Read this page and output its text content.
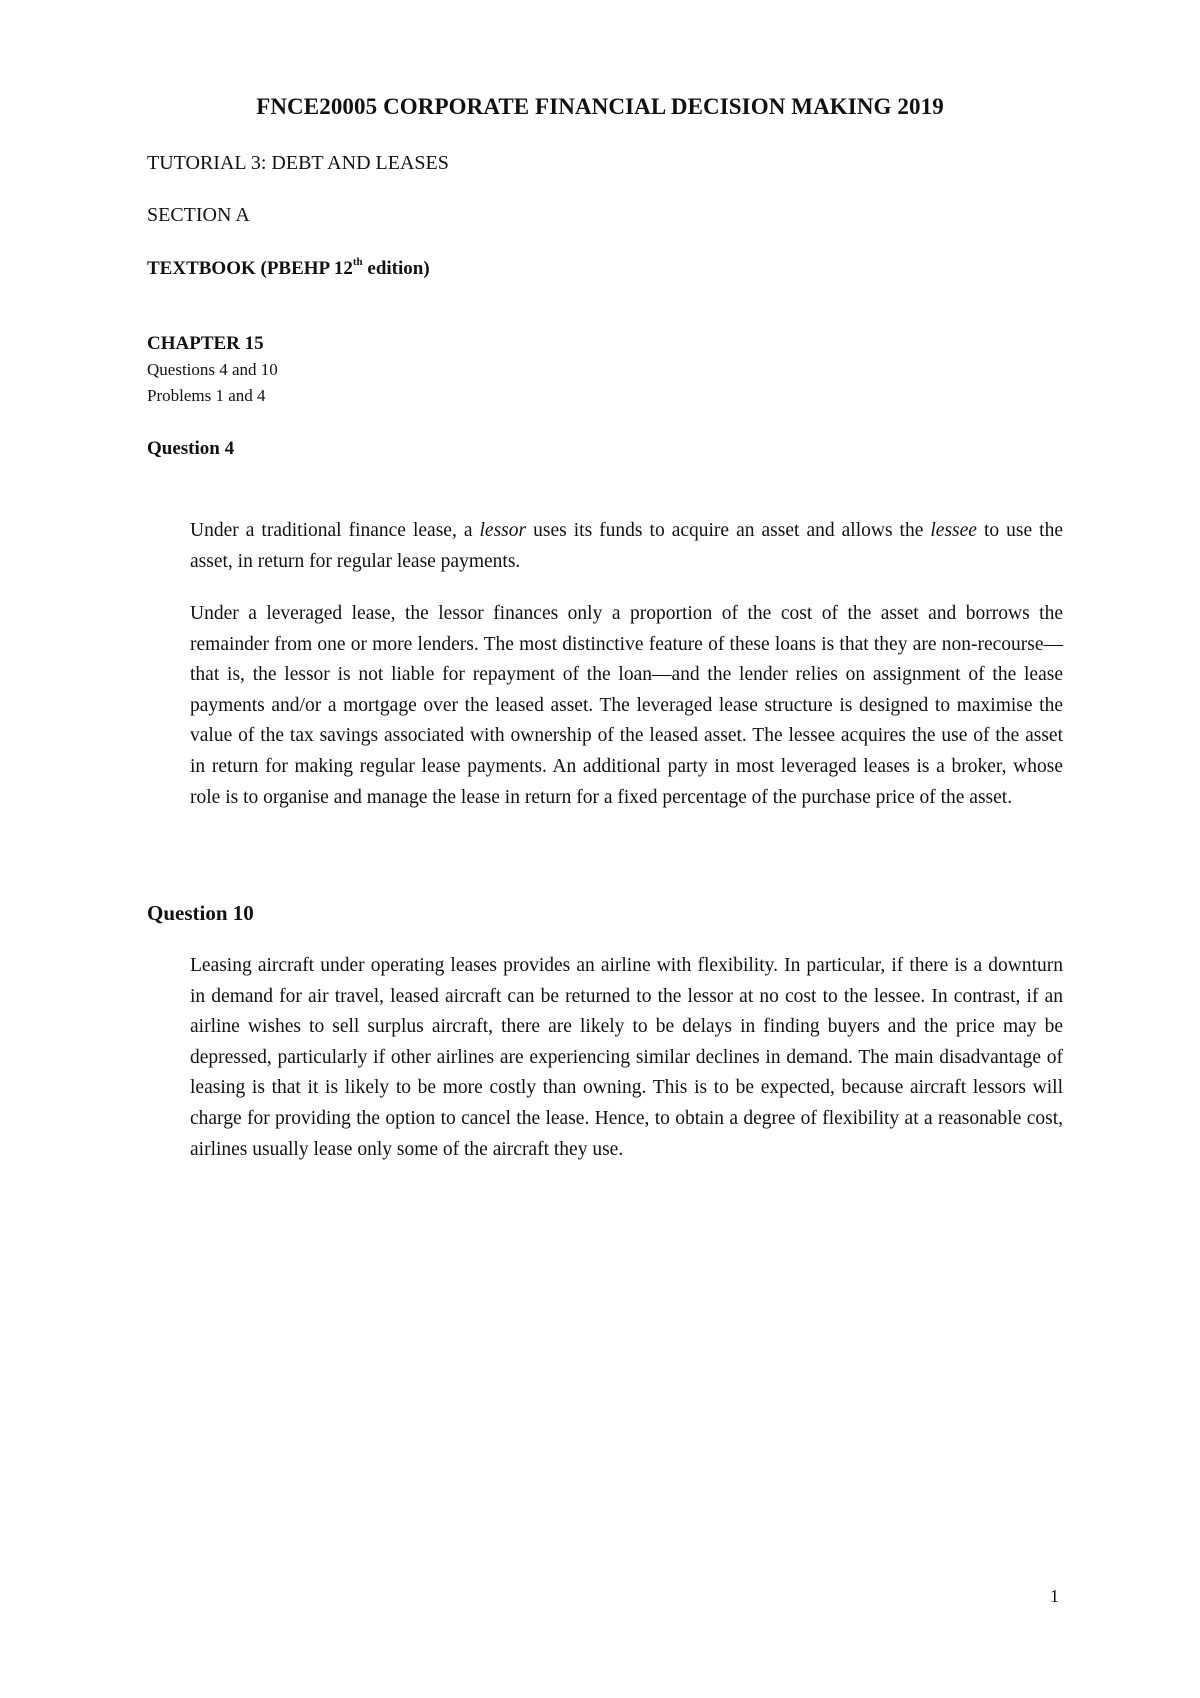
FNCE20005 CORPORATE FINANCIAL DECISION MAKING 2019

TUTORIAL 3: DEBT AND LEASES

SECTION A

TEXTBOOK (PBEHP 12th edition)

CHAPTER 15

Questions 4 and 10

Problems 1 and 4

Question 4

Under a traditional finance lease, a lessor uses its funds to acquire an asset and allows the lessee to use the asset, in return for regular lease payments.

Under a leveraged lease, the lessor finances only a proportion of the cost of the asset and borrows the remainder from one or more lenders. The most distinctive feature of these loans is that they are non-recourse—that is, the lessor is not liable for repayment of the loan—and the lender relies on assignment of the lease payments and/or a mortgage over the leased asset. The leveraged lease structure is designed to maximise the value of the tax savings associated with ownership of the leased asset. The lessee acquires the use of the asset in return for making regular lease payments. An additional party in most leveraged leases is a broker, whose role is to organise and manage the lease in return for a fixed percentage of the purchase price of the asset.

Question 10

Leasing aircraft under operating leases provides an airline with flexibility. In particular, if there is a downturn in demand for air travel, leased aircraft can be returned to the lessor at no cost to the lessee. In contrast, if an airline wishes to sell surplus aircraft, there are likely to be delays in finding buyers and the price may be depressed, particularly if other airlines are experiencing similar declines in demand. The main disadvantage of leasing is that it is likely to be more costly than owning. This is to be expected, because aircraft lessors will charge for providing the option to cancel the lease. Hence, to obtain a degree of flexibility at a reasonable cost, airlines usually lease only some of the aircraft they use.

1
